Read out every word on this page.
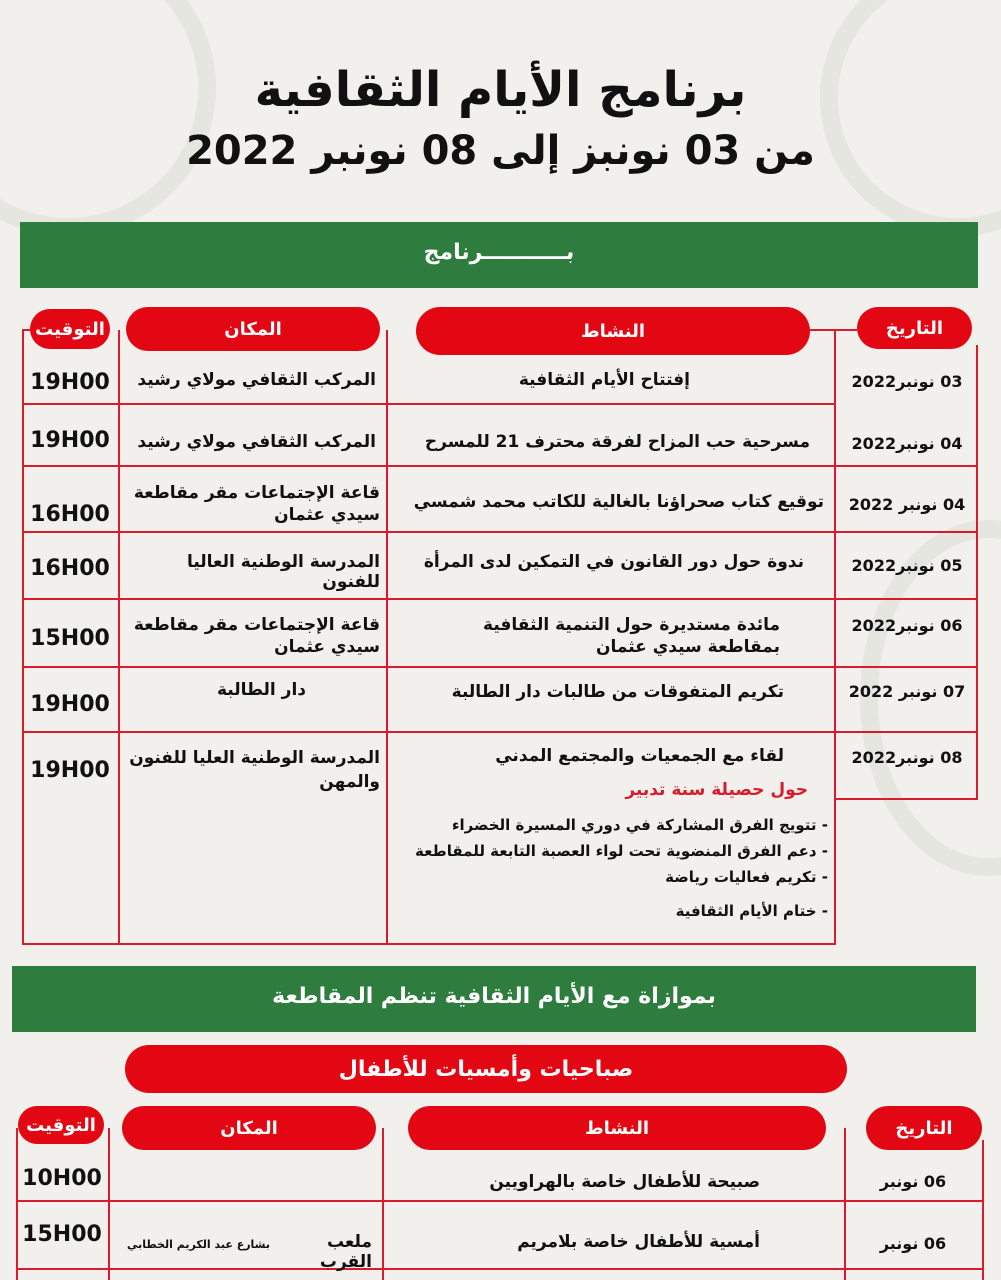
برنامج الأيام الثقافية
من 03 نونبز إلى 08 نونبر 2022
بـــــــــــرنامج
التاريخ
النشاط
المكان
التوقيت
03 نونبر2022
إفتتاح الأيام الثقافية
المركب الثقافي مولاي رشيد
19H00
04 نونبر2022
مسرحية حب المزاح لفرقة محترف 21 للمسرح
المركب الثقافي مولاي رشيد
19H00
04 نونبر 2022
توقيع كتاب صحراؤنا بالغالية للكاتب محمد شمسي
قاعة الإجتماعات مقر مقاطعة سيدي عثمان
16H00
05 نونبر2022
ندوة حول دور القانون في التمكين لدى المرأة
المدرسة الوطنية العاليا للفنون
16H00
06 نونبر2022
مائدة مستديرة حول التنمية الثقافية بمقاطعة سيدي عثمان
قاعة الإجتماعات مقر مقاطعة سيدي عثمان
15H00
07 نونبر 2022
تكريم المتفوقات من طالبات دار الطالبة
دار الطالبة
19H00
08 نونبر2022
لقاء مع الجمعيات والمجتمع المدني
المدرسة الوطنية العليا للفنون والمهن
19H00
حول حصيلة سنة تدبير
- تتويج الفرق المشاركة في دوري المسيرة الخضراء
- دعم الفرق المنضوية تحت لواء العصبة التابعة للمقاطعة
- تكريم فعاليات رياضة
- ختام الأيام الثقافية
بموازاة مع الأيام الثقافية تنظم المقاطعة
صباحيات وأمسيات للأطفال
التاريخ
النشاط
المكان
التوقيت
06 نونبر
صبيحة للأطفال خاصة بالهراويين
10H00
06 نونبر
أمسية للأطفال خاصة بلامريم
ملعب القرب
بشارع عبد الكريم الخطابي
15H00
